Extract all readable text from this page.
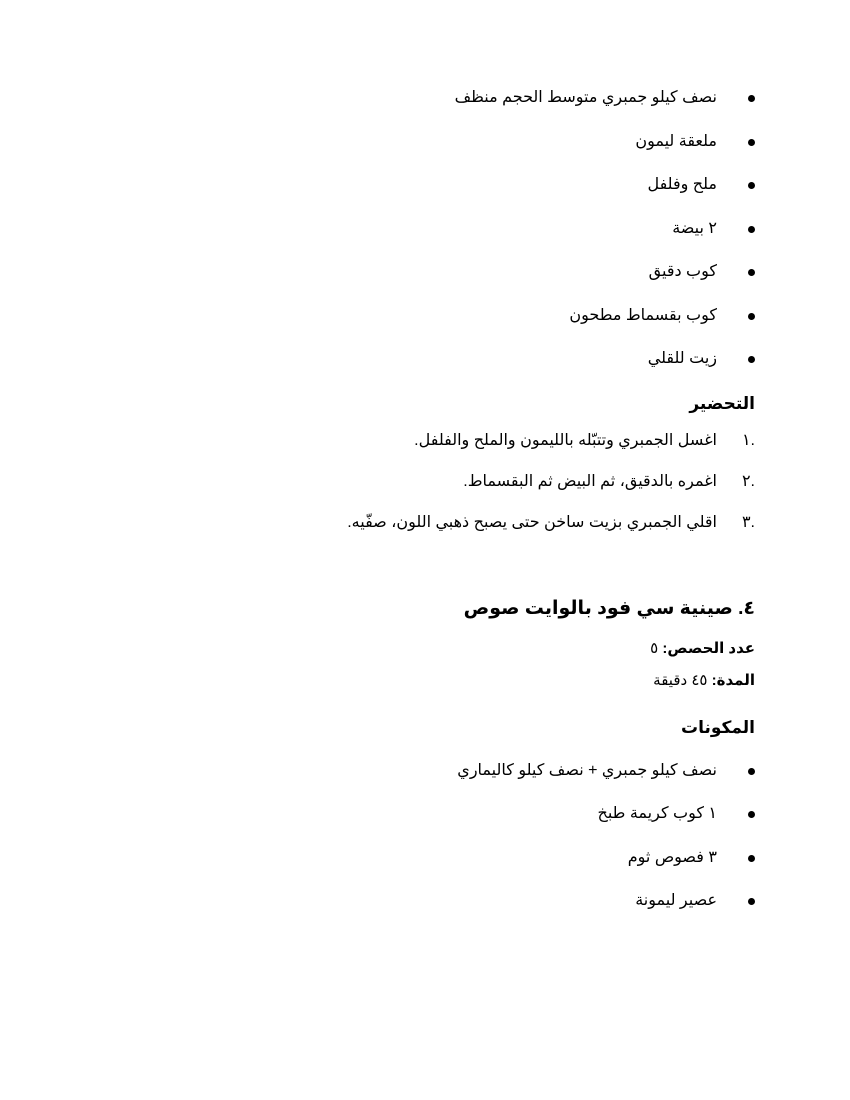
نصف كيلو جمبري متوسط الحجم منظف
ملعقة ليمون
ملح وفلفل
٢ بيضة
كوب دقيق
كوب بقسماط مطحون
زيت للقلي
التحضير
.١
اغسل الجمبري وتتبّله بالليمون والملح والفلفل.
.٢
اغمره بالدقيق، ثم البيض ثم البقسماط.
.٣
اقلي الجمبري بزيت ساخن حتى يصبح ذهبي اللون، صفّيه.
٤. صينية سي فود بالوايت صوص
عدد الحصص: ٥
المدة: ٤٥ دقيقة
المكونات
نصف كيلو جمبري + نصف كيلو كاليماري
١ كوب كريمة طبخ
٣ فصوص ثوم
عصير ليمونة
